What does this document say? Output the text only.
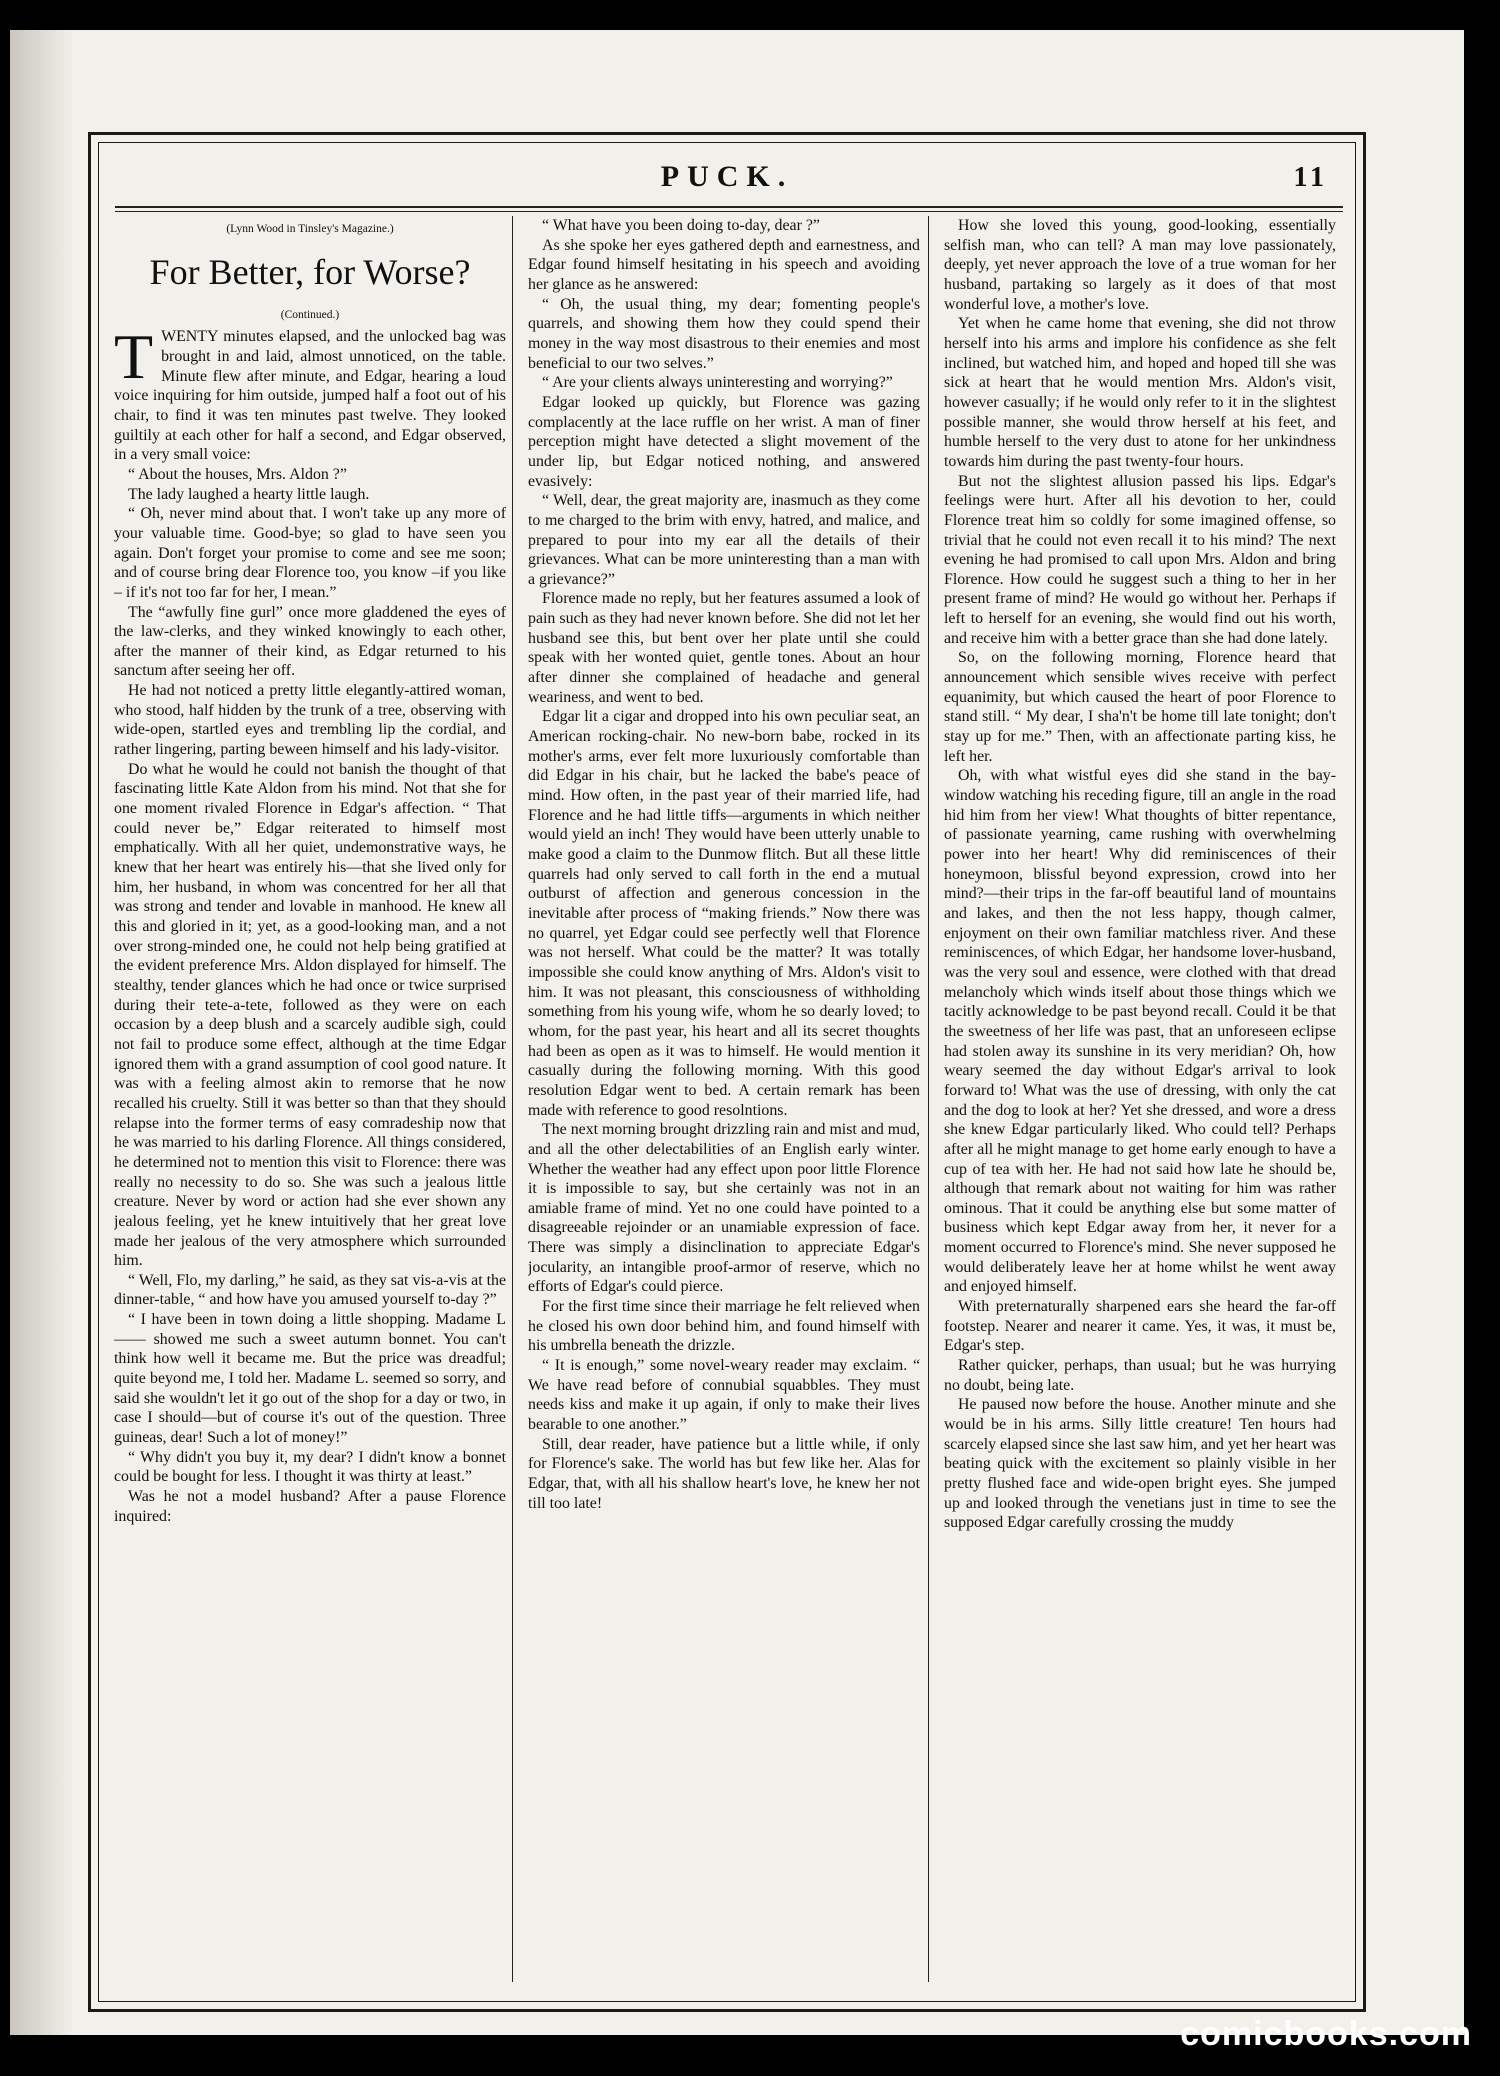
PUCK.	11
(Lynn Wood in Tinsley's Magazine.)
For Better, for Worse?
(Continued.)
T WENTY minutes elapsed, and the unlocked bag was brought in and laid, almost unnoticed, on the table. Minute flew after minute, and Edgar, hearing a loud voice inquiring for him outside, jumped half a foot out of his chair, to find it was ten minutes past twelve. They looked guiltily at each other for half a second, and Edgar observed, in a very small voice:

“ About the houses, Mrs. Aldon ?”

The lady laughed a hearty little laugh.

“ Oh, never mind about that. I won't take up any more of your valuable time. Good-bye; so glad to have seen you again. Don't forget your promise to come and see me soon; and of course bring dear Florence too, you know –if you like – if it's not too far for her, I mean.”

The “awfully fine gurl” once more gladdened the eyes of the law-clerks, and they winked knowingly to each other, after the manner of their kind, as Edgar returned to his sanctum after seeing her off.

He had not noticed a pretty little elegantly-attired woman, who stood, half hidden by the trunk of a tree, observing with wide-open, startled eyes and trembling lip the cordial, and rather lingering, parting beween himself and his lady-visitor.

Do what he would he could not banish the thought of that fascinating little Kate Aldon from his mind. Not that she for one moment rivaled Florence in Edgar's affection. “ That could never be,” Edgar reiterated to himself most emphatically. With all her quiet, undemonstrative ways, he knew that her heart was entirely his—that she lived only for him, her husband, in whom was concentred for her all that was strong and tender and lovable in manhood. He knew all this and gloried in it; yet, as a good-looking man, and a not over strong-minded one, he could not help being gratified at the evident preference Mrs. Aldon displayed for himself. The stealthy, tender glances which he had once or twice surprised during their tete-a-tete, followed as they were on each occasion by a deep blush and a scarcely audible sigh, could not fail to produce some effect, although at the time Edgar ignored them with a grand assumption of cool good nature. It was with a feeling almost akin to remorse that he now recalled his cruelty. Still it was better so than that they should relapse into the former terms of easy comradeship now that he was married to his darling Florence. All things considered, he determined not to mention this visit to Florence: there was really no necessity to do so. She was such a jealous little creature. Never by word or action had she ever shown any jealous feeling, yet he knew intuitively that her great love made her jealous of the very atmosphere which surrounded him.

“ Well, Flo, my darling,” he said, as they sat vis-a-vis at the dinner-table, “ and how have you amused yourself to-day ?”

“ I have been in town doing a little shopping. Madame L—— showed me such a sweet autumn bonnet. You can't think how well it became me. But the price was dreadful; quite beyond me, I told her. Madame L. seemed so sorry, and said she wouldn't let it go out of the shop for a day or two, in case I should—but of course it's out of the question. Three guineas, dear! Such a lot of money!”

“ Why didn't you buy it, my dear? I didn't know a bonnet could be bought for less. I thought it was thirty at least.”

Was he not a model husband? After a pause Florence inquired:

“ What have you been doing to-day, dear ?”

As she spoke her eyes gathered depth and earnestness, and Edgar found himself hesitating in his speech and avoiding her glance as he answered:

“ Oh, the usual thing, my dear; fomenting people's quarrels, and showing them how they could spend their money in the way most disastrous to their enemies and most beneficial to our two selves.”

“ Are your clients always uninteresting and worrying?”

Edgar looked up quickly, but Florence was gazing complacently at the lace ruffle on her wrist. A man of finer perception might have detected a slight movement of the under lip, but Edgar noticed nothing, and answered evasively:

“ Well, dear, the great majority are, inasmuch as they come to me charged to the brim with envy, hatred, and malice, and prepared to pour into my ear all the details of their grievances. What can be more uninteresting than a man with a grievance?”

Florence made no reply, but her features assumed a look of pain such as they had never known before. She did not let her husband see this, but bent over her plate until she could speak with her wonted quiet, gentle tones. About an hour after dinner she complained of headache and general weariness, and went to bed.

Edgar lit a cigar and dropped into his own peculiar seat, an American rocking-chair. No new-born babe, rocked in its mother's arms, ever felt more luxuriously comfortable than did Edgar in his chair, but he lacked the babe's peace of mind. How often, in the past year of their married life, had Florence and he had little tiffs—arguments in which neither would yield an inch! They would have been utterly unable to make good a claim to the Dunmow flitch. But all these little quarrels had only served to call forth in the end a mutual outburst of affection and generous concession in the inevitable after process of “making friends.” Now there was no quarrel, yet Edgar could see perfectly well that Florence was not herself. What could be the matter? It was totally impossible she could know anything of Mrs. Aldon's visit to him. It was not pleasant, this consciousness of withholding something from his young wife, whom he so dearly loved; to whom, for the past year, his heart and all its secret thoughts had been as open as it was to himself. He would mention it casually during the following morning. With this good resolution Edgar went to bed. A certain remark has been made with reference to good resolntions.

The next morning brought drizzling rain and mist and mud, and all the other delectabilities of an English early winter. Whether the weather had any effect upon poor little Florence it is impossible to say, but she certainly was not in an amiable frame of mind. Yet no one could have pointed to a disagreeable rejoinder or an unamiable expression of face. There was simply a disinclination to appreciate Edgar's jocularity, an intangible proof-armor of reserve, which no efforts of Edgar's could pierce.

For the first time since their marriage he felt relieved when he closed his own door behind him, and found himself with his umbrella beneath the drizzle.

“ It is enough,” some novel-weary reader may exclaim. “ We have read before of connubial squabbles. They must needs kiss and make it up again, if only to make their lives bearable to one another.”

Still, dear reader, have patience but a little while, if only for Florence's sake. The world has but few like her. Alas for Edgar, that, with all his shallow heart's love, he knew her not till too late!

How she loved this young, good-looking, essentially selfish man, who can tell? A man may love passionately, deeply, yet never approach the love of a true woman for her husband, partaking so largely as it does of that most wonderful love, a mother's love.

Yet when he came home that evening, she did not throw herself into his arms and implore his confidence as she felt inclined, but watched him, and hoped and hoped till she was sick at heart that he would mention Mrs. Aldon's visit, however casually; if he would only refer to it in the slightest possible manner, she would throw herself at his feet, and humble herself to the very dust to atone for her unkindness towards him during the past twenty-four hours.

But not the slightest allusion passed his lips. Edgar's feelings were hurt. After all his devotion to her, could Florence treat him so coldly for some imagined offense, so trivial that he could not even recall it to his mind? The next evening he had promised to call upon Mrs. Aldon and bring Florence. How could he suggest such a thing to her in her present frame of mind? He would go without her. Perhaps if left to herself for an evening, she would find out his worth, and receive him with a better grace than she had done lately.

So, on the following morning, Florence heard that announcement which sensible wives receive with perfect equanimity, but which caused the heart of poor Florence to stand still. “ My dear, I sha'n't be home till late tonight; don't stay up for me.” Then, with an affectionate parting kiss, he left her.

Oh, with what wistful eyes did she stand in the bay-window watching his receding figure, till an angle in the road hid him from her view! What thoughts of bitter repentance, of passionate yearning, came rushing with overwhelming power into her heart! Why did reminiscences of their honeymoon, blissful beyond expression, crowd into her mind?—their trips in the far-off beautiful land of mountains and lakes, and then the not less happy, though calmer, enjoyment on their own familiar matchless river. And these reminiscences, of which Edgar, her handsome lover-husband, was the very soul and essence, were clothed with that dread melancholy which winds itself about those things which we tacitly acknowledge to be past beyond recall. Could it be that the sweetness of her life was past, that an unforeseen eclipse had stolen away its sunshine in its very meridian? Oh, how weary seemed the day without Edgar's arrival to look forward to! What was the use of dressing, with only the cat and the dog to look at her? Yet she dressed, and wore a dress she knew Edgar particularly liked. Who could tell? Perhaps after all he might manage to get home early enough to have a cup of tea with her. He had not said how late he should be, although that remark about not waiting for him was rather ominous. That it could be anything else but some matter of business which kept Edgar away from her, it never for a moment occurred to Florence's mind. She never supposed he would deliberately leave her at home whilst he went away and enjoyed himself.

With preternaturally sharpened ears she heard the far-off footstep. Nearer and nearer it came. Yes, it was, it must be, Edgar's step.

Rather quicker, perhaps, than usual; but he was hurrying no doubt, being late.

He paused now before the house. Another minute and she would be in his arms. Silly little creature! Ten hours had scarcely elapsed since she last saw him, and yet her heart was beating quick with the excitement so plainly visible in her pretty flushed face and wide-open bright eyes. She jumped up and looked through the venetians just in time to see the supposed Edgar carefully crossing the muddy

comicbooks.com
